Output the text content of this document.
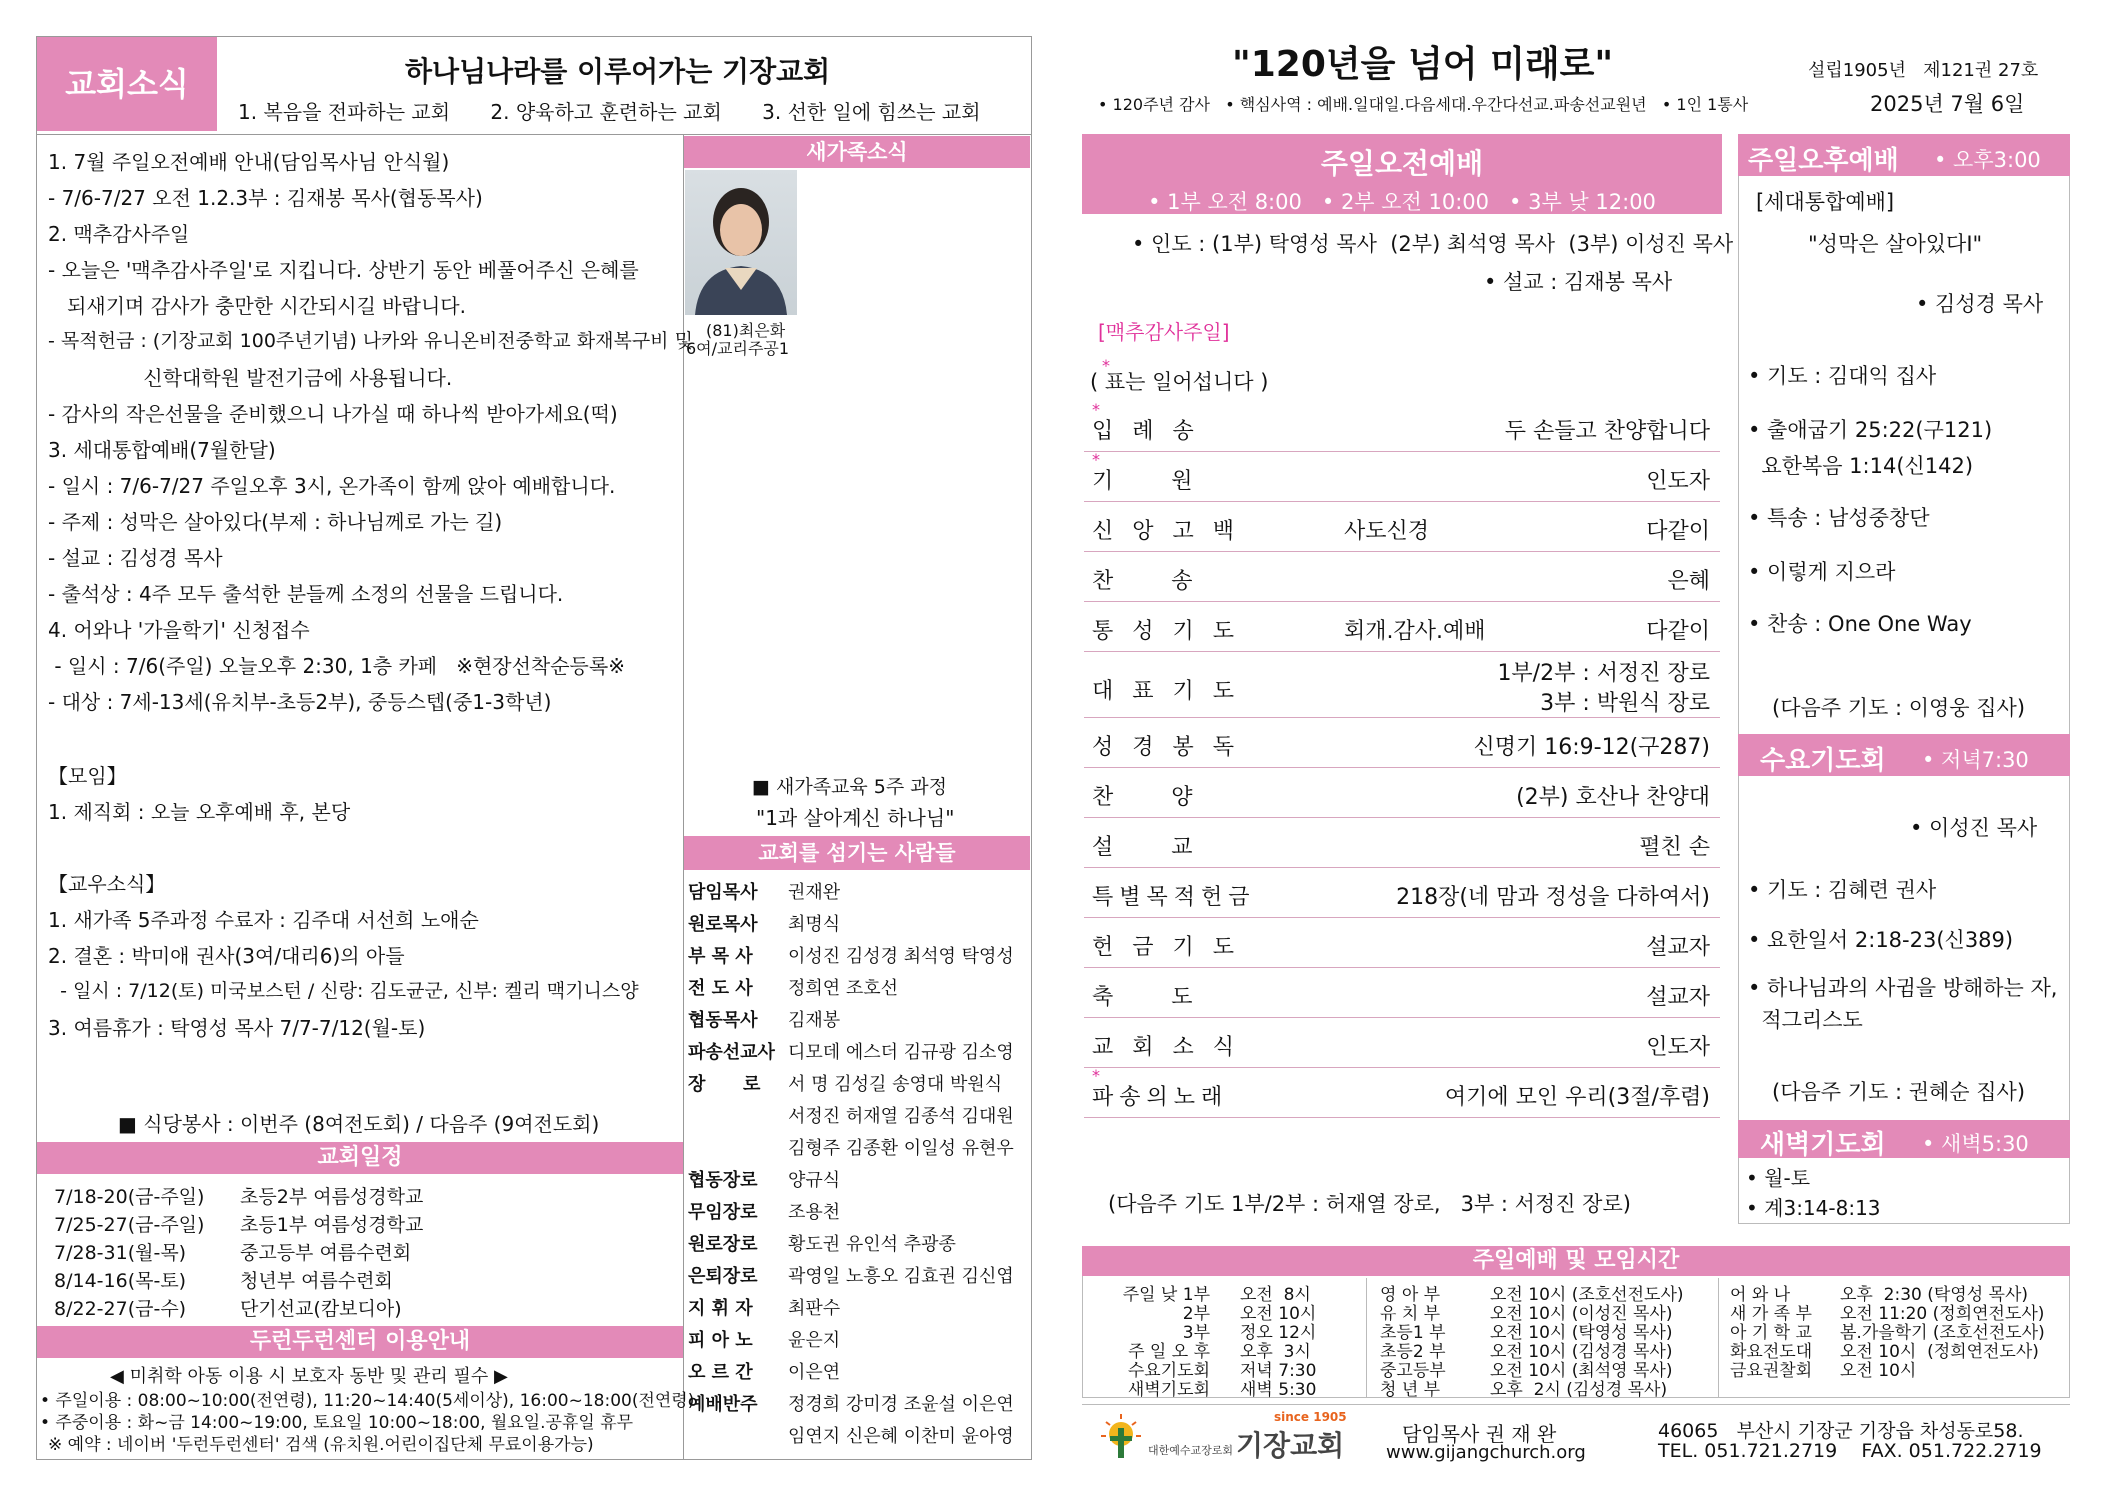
교회소식	하나님나라를 이루어가는 기장교회
1. 복음을 전파하는 교회 2. 양육하고 훈련하는 교회 3. 선한 일에 힘쓰는 교회
1. 7월 주일오전예배 안내(담임목사님 안식월)
- 7/6-7/27 오전 1.2.3부 : 김재봉 목사(협동목사)
2. 맥추감사주일
- 오늘은 '맥추감사주일'로 지킵니다. 상반기 동안 베풀어주신 은혜를
되새기며 감사가 충만한 시간되시길 바랍니다.
- 목적헌금 : (기장교회 100주년기념) 나카와 유니온비전중학교 화재복구비 및
신학대학원 발전기금에 사용됩니다.
- 감사의 작은선물을 준비했으니 나가실 때 하나씩 받아가세요(떡)
3. 세대통합예배(7월한달)
- 일시 : 7/6-7/27 주일오후 3시, 온가족이 함께 앉아 예배합니다.
- 주제 : 성막은 살아있다(부제 : 하나님께로 가는 길)
- 설교 : 김성경 목사
- 출석상 : 4주 모두 출석한 분들께 소정의 선물을 드립니다.
4. 어와나 '가을학기' 신청접수
- 일시 : 7/6(주일) 오늘오후 2:30, 1층 카페   ※현장선착순등록※
- 대상 : 7세-13세(유치부-초등2부), 중등스텝(중1-3학년)
【모임】
1. 제직회 : 오늘 오후예배 후, 본당
【교우소식】
1. 새가족 5주과정 수료자 : 김주대 서선희 노애순
2. 결혼 : 박미애 권사(3여/대리6)의 아들
- 일시 : 7/12(토) 미국보스턴 / 신랑: 김도균군, 신부: 켈리 맥기니스양
3. 여름휴가 : 탁영성 목사 7/7-7/12(월-토)
■ 식당봉사 : 이번주 (8여전도회) / 다음주 (9여전도회)
교회일정
7/18-20(금-주일) 초등2부 여름성경학교
7/25-27(금-주일) 초등1부 여름성경학교
7/28-31(월-목)	중고등부 여름수련회
8/14-16(목-토)	청년부 여름수련회
8/22-27(금-수)	단기선교(캄보디아)
두런두런센터 이용안내
◀ 미취학 아동 이용 시 보호자 동반 및 관리 필수 ▶
• 주일이용 : 08:00~10:00(전연령), 11:20~14:40(5세이상), 16:00~18:00(전연령)
• 주중이용 : 화~금 14:00~19:00, 토요일 10:00~18:00, 월요일.공휴일 휴무
※ 예약 : 네이버 '두런두런센터' 검색 (유치원.어린이집단체 무료이용가능)
새가족소식
(81)최은화
6여/교리주공1
■ 새가족교육 5주 과정
"1과 살아계신 하나님"
교회를 섬기는 사람들
담임목사 권재완
원로목사 최명식
부 목 사 이성진 김성경 최석영 탁영성
전 도 사 정희연 조호선
협동목사 김재봉
파송선교사 디모데 에스더 김규광 김소영
장      로 서 명 김성길 송영대 박원식
서정진 허재열 김종석 김대원
김형주 김종환 이일성 유현우
협동장로 양규식
무임장로 조용천
원로장로 황도권 유인석 추광종
은퇴장로 곽영일 노흥오 김효권 김신엽
지 휘 자 최판수
피 아 노 윤은지
오 르 간 이은연
예배반주 정경희 강미경 조윤설 이은연
임연지 신은혜 이찬미 윤아영
"120년을 넘어 미래로"	설립1905년   제121권 27호
• 120주년 감사   • 핵심사역 : 예배.일대일.다음세대.우간다선교.파송선교원년   • 1인 1통사	2025년 7월 6일
주일오전예배
• 1부 오전 8:00   • 2부 오전 10:00   • 3부 낮 12:00
• 인도 : (1부) 탁영성 목사  (2부) 최석영 목사  (3부) 이성진 목사
• 설교 : 김재봉 목사
[맥추감사주일]
*
( 표는 일어섭니다 )
*
입 례 송	두 손들고 찬양합니다
*
기    원	인도자
신 앙 고 백	사도신경	다같이
찬    송	은혜
통 성 기 도	회개.감사.예배	다같이
대 표 기 도
1부/2부 : 서정진 장로
3부 : 박원식 장로
성 경 봉 독	신명기 16:9-12(구287)
찬    양	(2부) 호산나 찬양대
설    교	펼친 손
특별목적헌금	218장(네 맘과 정성을 다하여서)
헌 금 기 도	설교자
축    도	설교자
교 회 소 식	인도자
*
파송의노래	여기에 모인 우리(3절/후렴)
(다음주 기도 1부/2부 : 허재열 장로,   3부 : 서정진 장로)
주일오후예배 • 오후3:00
[세대통합예배]
"성막은 살아있다Ⅰ"
• 김성경 목사
• 기도 : 김대익 집사
• 출애굽기 25:22(구121)
요한복음 1:14(신142)
• 특송 : 남성중창단
• 이렇게 지으라
• 찬송 : One One Way
(다음주 기도 : 이영웅 집사)
수요기도회 • 저녁7:30
• 이성진 목사
• 기도 : 김혜련 권사
• 요한일서 2:18-23(신389)
• 하나님과의 사귐을 방해하는 자,
적그리스도
(다음주 기도 : 권혜순 집사)
새벽기도회 • 새벽5:30
• 월-토
• 계3:14-8:13
주일예배 및 모임시간
주일 낮 1부 오전  8시
2부 오전 10시
3부 정오 12시
주 일 오 후 오후  3시
수요기도회 저녁 7:30
새벽기도회 새벽 5:30
영 아 부	오전 10시 (조호선전도사)
유 치 부	오전 10시 (이성진 목사)
초등1 부	오전 10시 (탁영성 목사)
초등2 부	오전 10시 (김성경 목사)
중고등부	오전 10시 (최석영 목사)
청 년 부	오후  2시 (김성경 목사)
어 와 나	오후  2:30 (탁영성 목사)
새 가 족 부 오전 11:20 (정희연전도사)
아 기 학 교 봄.가을학기 (조호선전도사)
화요전도대 오전 10시  (정희연전도사)
금요권찰회 오전 10시
대한예수교장로회
since 1905
기장교회	담임목사 권 재 완
www.gijangchurch.org
46065   부산시 기장군 기장읍 차성동로58.
TEL. 051.721.2719    FAX. 051.722.2719
